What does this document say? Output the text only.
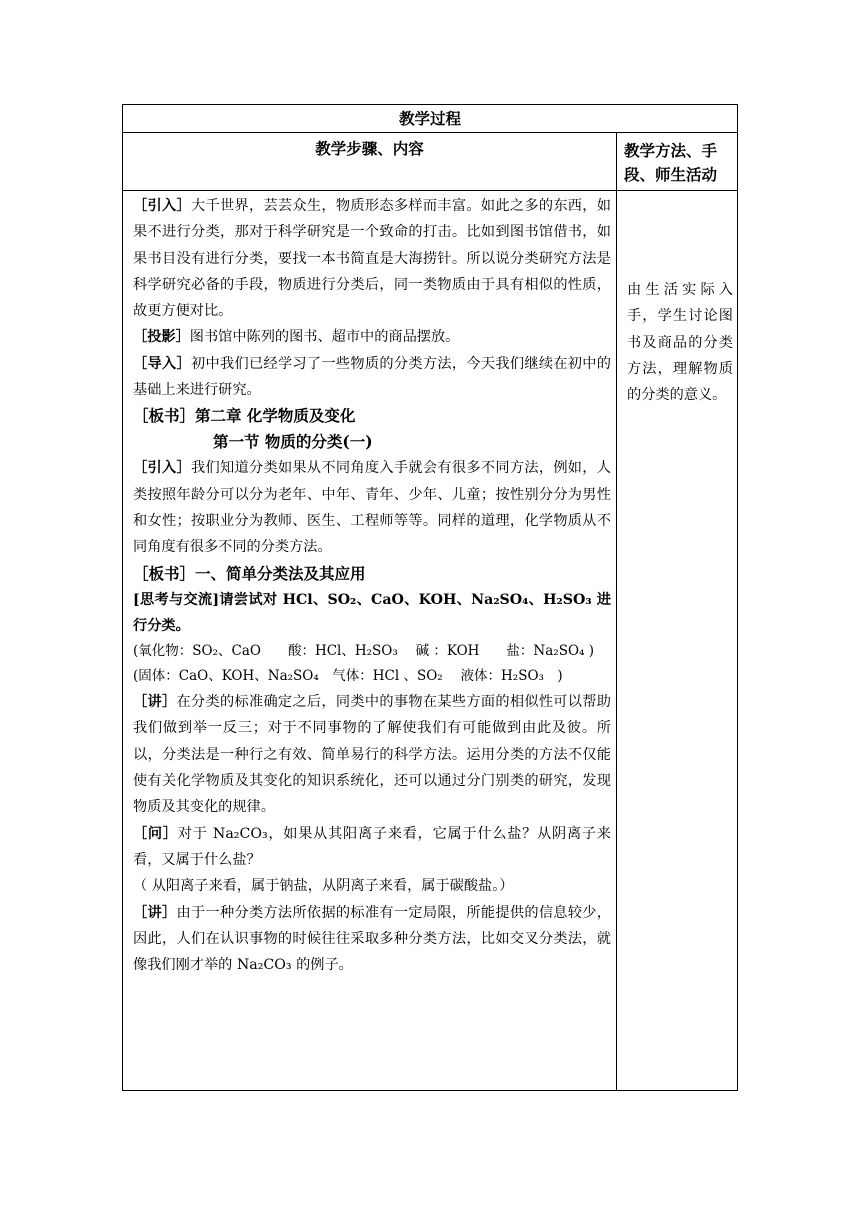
教学过程
教学步骤、内容	教学方法、手段、师生活动

［引入］大千世界，芸芸众生，物质形态多样而丰富。如此之多的东西，如果不进行分类，那对于科学研究是一个致命的打击。比如到图书馆借书，如果书目没有进行分类，要找一本书简直是大海捞针。所以说分类研究方法是科学研究必备的手段，物质进行分类后，同一类物质由于具有相似的性质，故更方便对比。

［投影］图书馆中陈列的图书、超市中的商品摆放。

［导入］初中我们已经学习了一些物质的分类方法，今天我们继续在初中的基础上来进行研究。

［板书］第二章 化学物质及变化

第一节 物质的分类(一)

［引入］我们知道分类如果从不同角度入手就会有很多不同方法，例如，人类按照年龄分可以分为老年、中年、青年、少年、儿童；按性别分分为男性和女性；按职业分为教师、医生、工程师等等。同样的道理，化学物质从不同角度有很多不同的分类方法。

［板书］一、简单分类法及其应用

[思考与交流]请尝试对 HCl、SO₂、CaO、KOH、Na₂SO₄、H₂SO₃ 进行分类。

(氧化物：SO₂、CaO　　酸：HCl、H₂SO₃　 碱 ：KOH　　盐：Na₂SO₄ )

(固体：CaO、KOH、Na₂SO₄　气体：HCl 、SO₂　 液体：H₂SO₃　)

［讲］在分类的标准确定之后，同类中的事物在某些方面的相似性可以帮助我们做到举一反三；对于不同事物的了解使我们有可能做到由此及彼。所以，分类法是一种行之有效、简单易行的科学方法。运用分类的方法不仅能使有关化学物质及其变化的知识系统化，还可以通过分门别类的研究，发现物质及其变化的规律。

［问］对于 Na₂CO₃，如果从其阳离子来看，它属于什么盐？从阴离子来看，又属于什么盐？

（ 从阳离子来看，属于钠盐，从阴离子来看，属于碳酸盐。）

［讲］由于一种分类方法所依据的标准有一定局限，所能提供的信息较少，因此，人们在认识事物的时候往往采取多种分类方法，比如交叉分类法，就像我们刚才举的 Na₂CO₃ 的例子。

由生活实际入手，学生讨论图书及商品的分类方法，理解物质的分类的意义。
